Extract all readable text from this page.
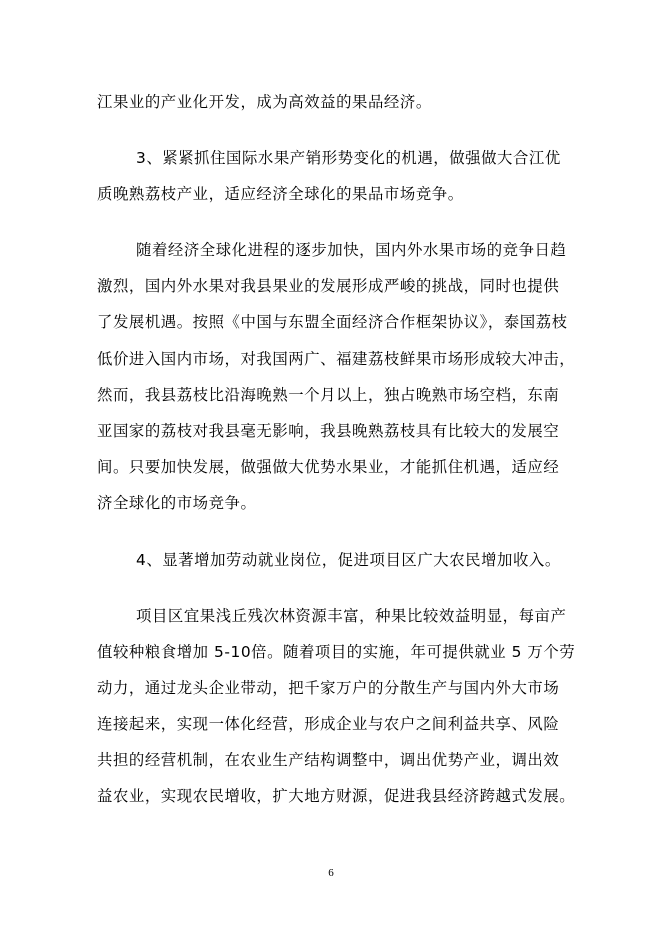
江果业的产业化开发，成为高效益的果品经济。
3、紧紧抓住国际水果产销形势变化的机遇，做强做大合江优
质晚熟荔枝产业，适应经济全球化的果品市场竞争。
随着经济全球化进程的逐步加快，国内外水果市场的竞争日趋
激烈，国内外水果对我县果业的发展形成严峻的挑战，同时也提供
了发展机遇。按照《中国与东盟全面经济合作框架协议》，泰国荔枝
低价进入国内市场，对我国两广、福建荔枝鲜果市场形成较大冲击，
然而，我县荔枝比沿海晚熟一个月以上，独占晚熟市场空档，东南
亚国家的荔枝对我县毫无影响，我县晚熟荔枝具有比较大的发展空
间。只要加快发展，做强做大优势水果业，才能抓住机遇，适应经
济全球化的市场竞争。
4、显著增加劳动就业岗位，促进项目区广大农民增加收入。
项目区宜果浅丘残次林资源丰富，种果比较效益明显，每亩产
值较种粮食增加 5-10倍。随着项目的实施，年可提供就业 5 万个劳
动力，通过龙头企业带动，把千家万户的分散生产与国内外大市场
连接起来，实现一体化经营，形成企业与农户之间利益共享、风险
共担的经营机制，在农业生产结构调整中，调出优势产业，调出效
益农业，实现农民增收，扩大地方财源，促进我县经济跨越式发展。
6
